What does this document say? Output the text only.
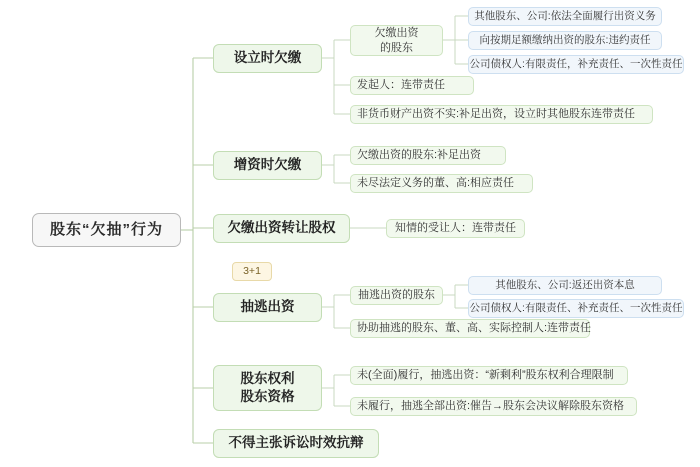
股东“欠抽”行为
3+1
设立时欠缴
增资时欠缴
欠缴出资转让股权
抽逃出资
股东权利
股东资格
不得主张诉讼时效抗辩
欠缴出资
的股东
其他股东、公司:依法全面履行出资义务
向按期足额缴纳出资的股东:违约责任
公司债权人:有限责任，补充责任、一次性责任
发起人：连带责任
非货币财产出资不实:补足出资，设立时其他股东连带责任
欠缴出资的股东:补足出资
未尽法定义务的董、高:相应责任
知情的受让人：连带责任
抽逃出资的股东
其他股东、公司:返还出资本息
公司债权人:有限责任、补充责任、一次性责任
协助抽逃的股东、董、高、实际控制人:连带责任
未(全面)履行，抽逃出资：“新剩利”股东权利合理限制
未履行，抽逃全部出资:催告→股东会决议解除股东资格
